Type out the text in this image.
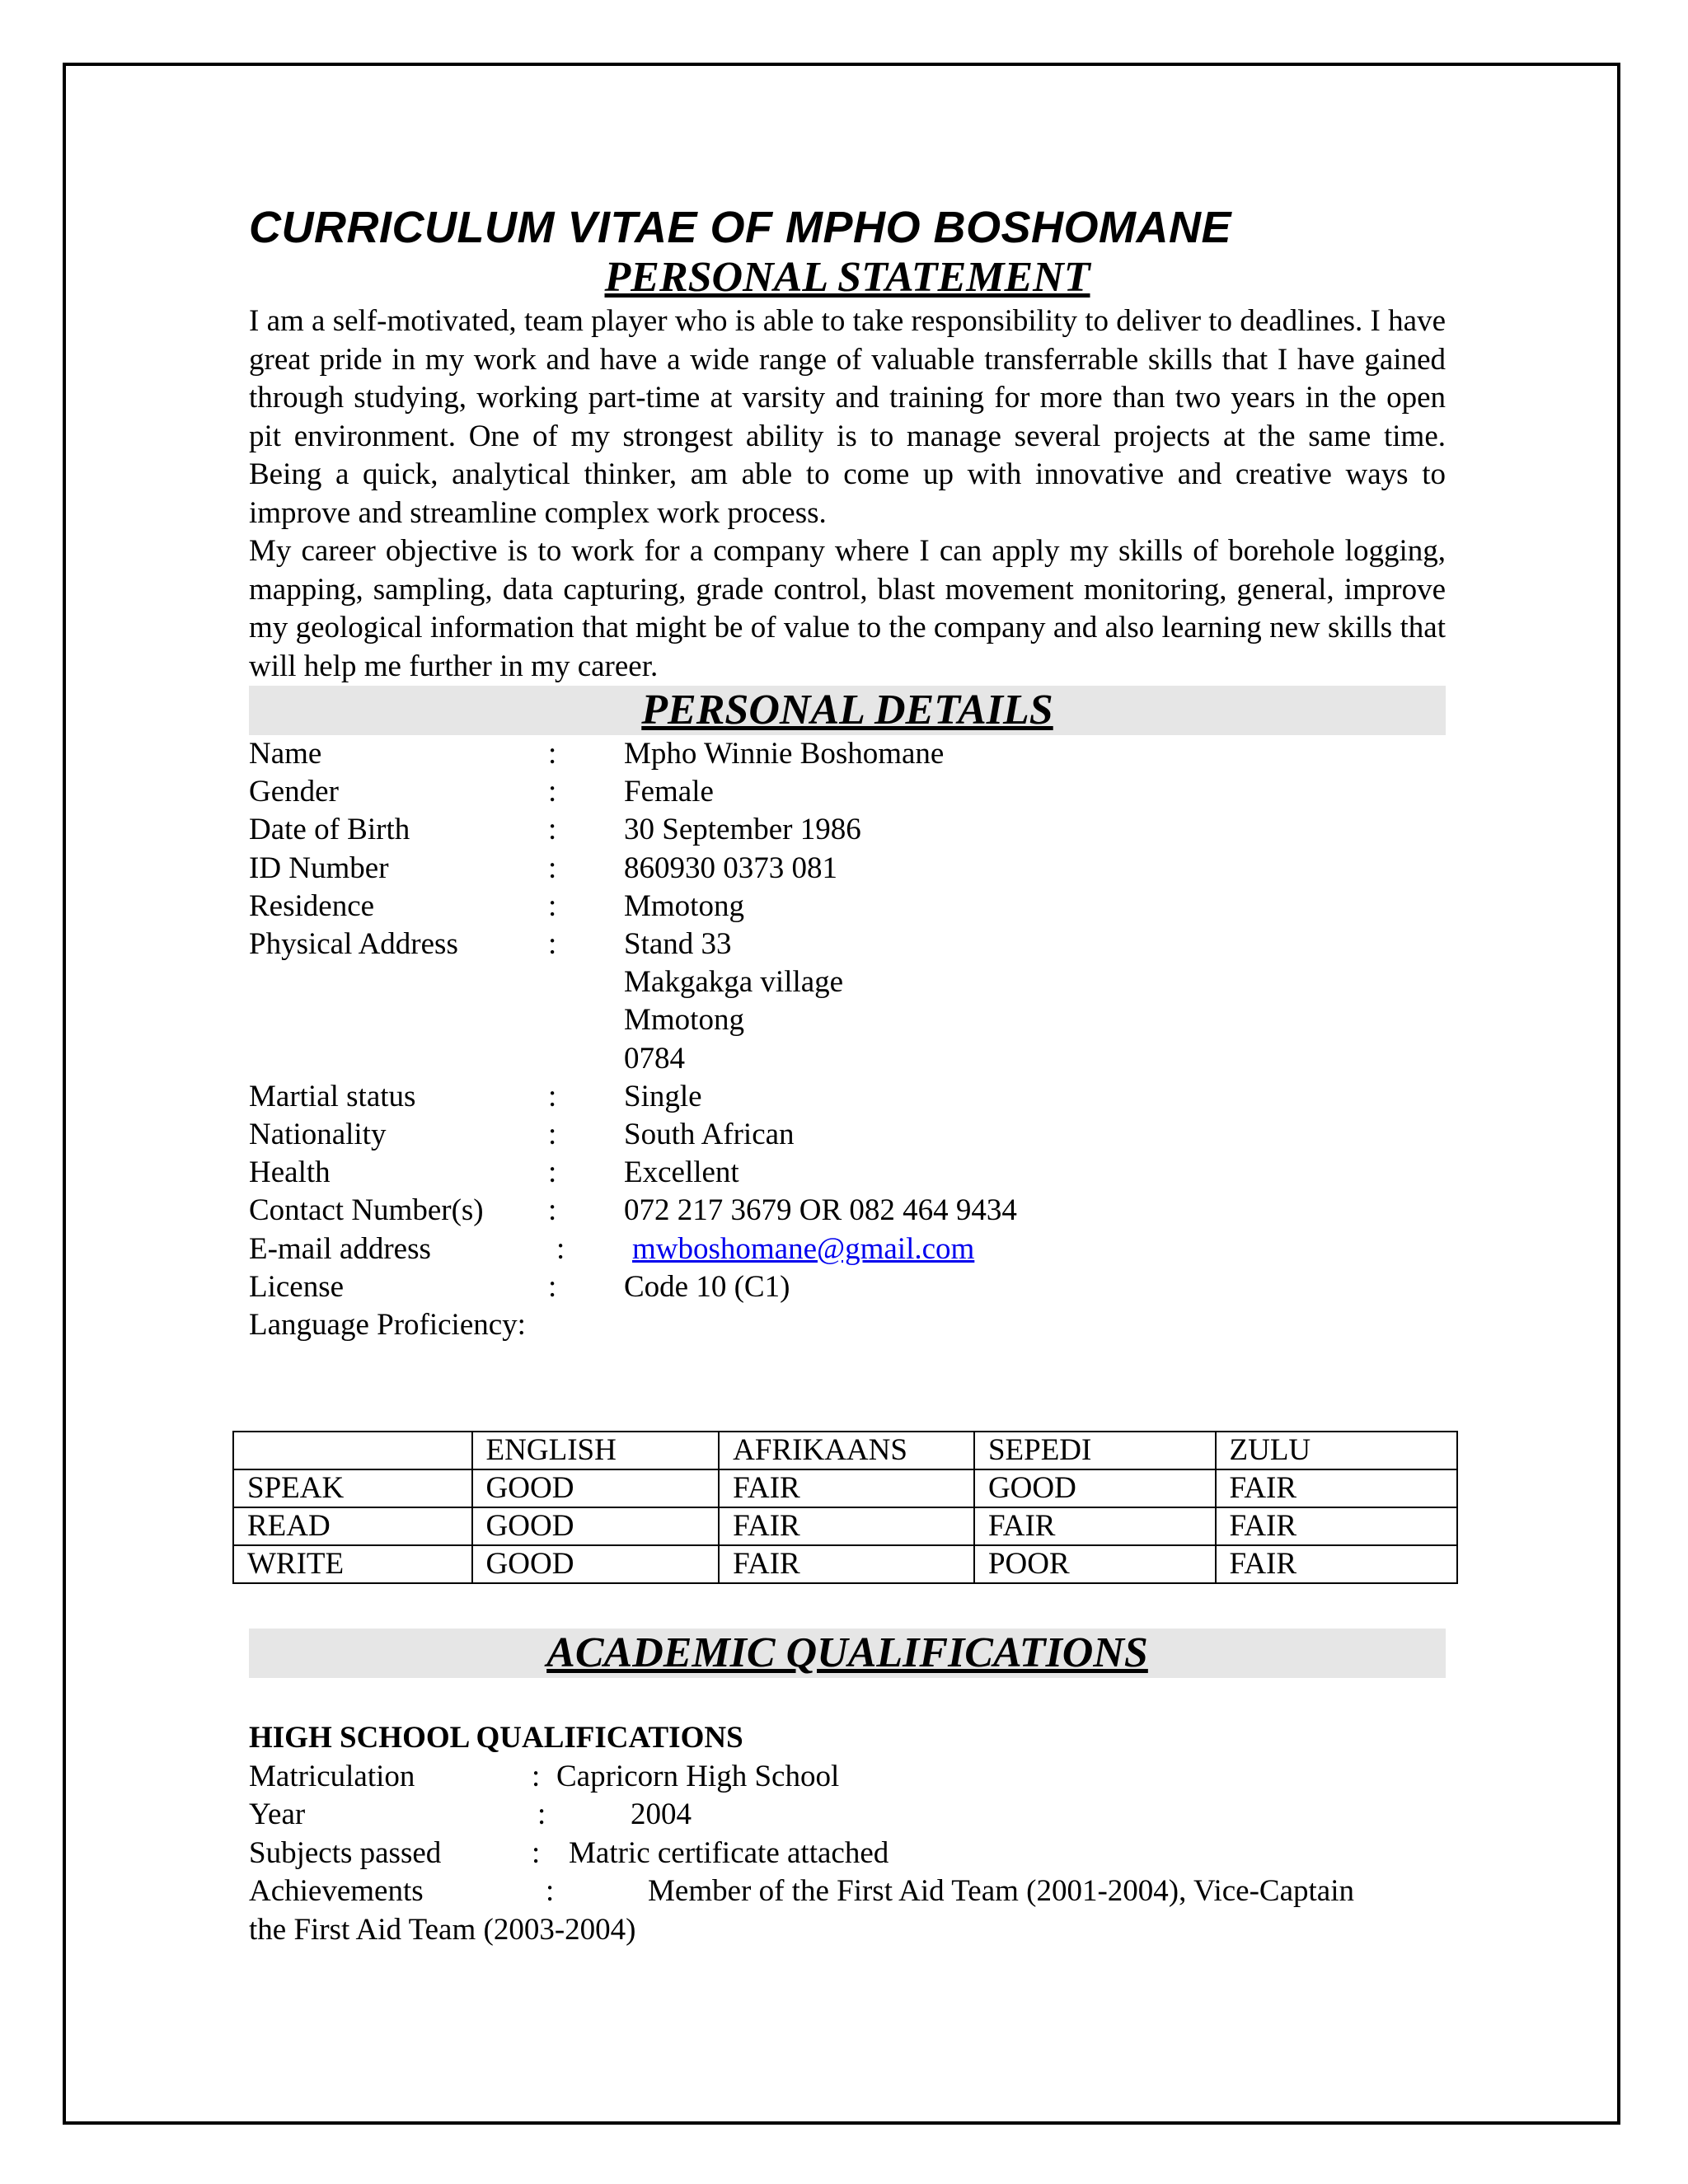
CURRICULUM VITAE OF MPHO BOSHOMANE
PERSONAL STATEMENT

I am a self-motivated, team player who is able to take responsibility to deliver to deadlines. I have great pride in my work and have a wide range of valuable transferrable skills that I have gained through studying, working part-time at varsity and training for more than two years in the open pit environment. One of my strongest ability is to manage several projects at the same time. Being a quick, analytical thinker, am able to come up with innovative and creative ways to improve and streamline complex work process.

My career objective is to work for a company where I can apply my skills of borehole logging, mapping, sampling, data capturing, grade control, blast movement monitoring, general, improve my geological information that might be of value to the company and also learning new skills that will help me further in my career.

PERSONAL DETAILS
Name	:	Mpho Winnie Boshomane
Gender	:	Female
Date of Birth	:	30 September 1986
ID Number	:	860930 0373 081
Residence	:	Mmotong
Physical Address	:	Stand 33
Makgakga village
Mmotong
0784
Martial status	:	Single
Nationality	:	South African
Health	:	Excellent
Contact Number(s)	:	072 217 3679 OR 082 464 9434
E-mail address	:	mwboshomane@gmail.com
License	:	Code 10 (C1)
Language Proficiency:
	ENGLISH	AFRIKAANS	SEPEDI	ZULU
SPEAK	GOOD	FAIR	GOOD	FAIR
READ	GOOD	FAIR	FAIR	FAIR
WRITE	GOOD	FAIR	POOR	FAIR
ACADEMIC QUALIFICATIONS
HIGH SCHOOL QUALIFICATIONS
Matriculation	: Capricorn High School
Year	:	2004
Subjects passed	: Matric certificate attached
Achievements	:	Member of the First Aid Team (2001-2004), Vice-Captain
the First Aid Team (2003-2004)
